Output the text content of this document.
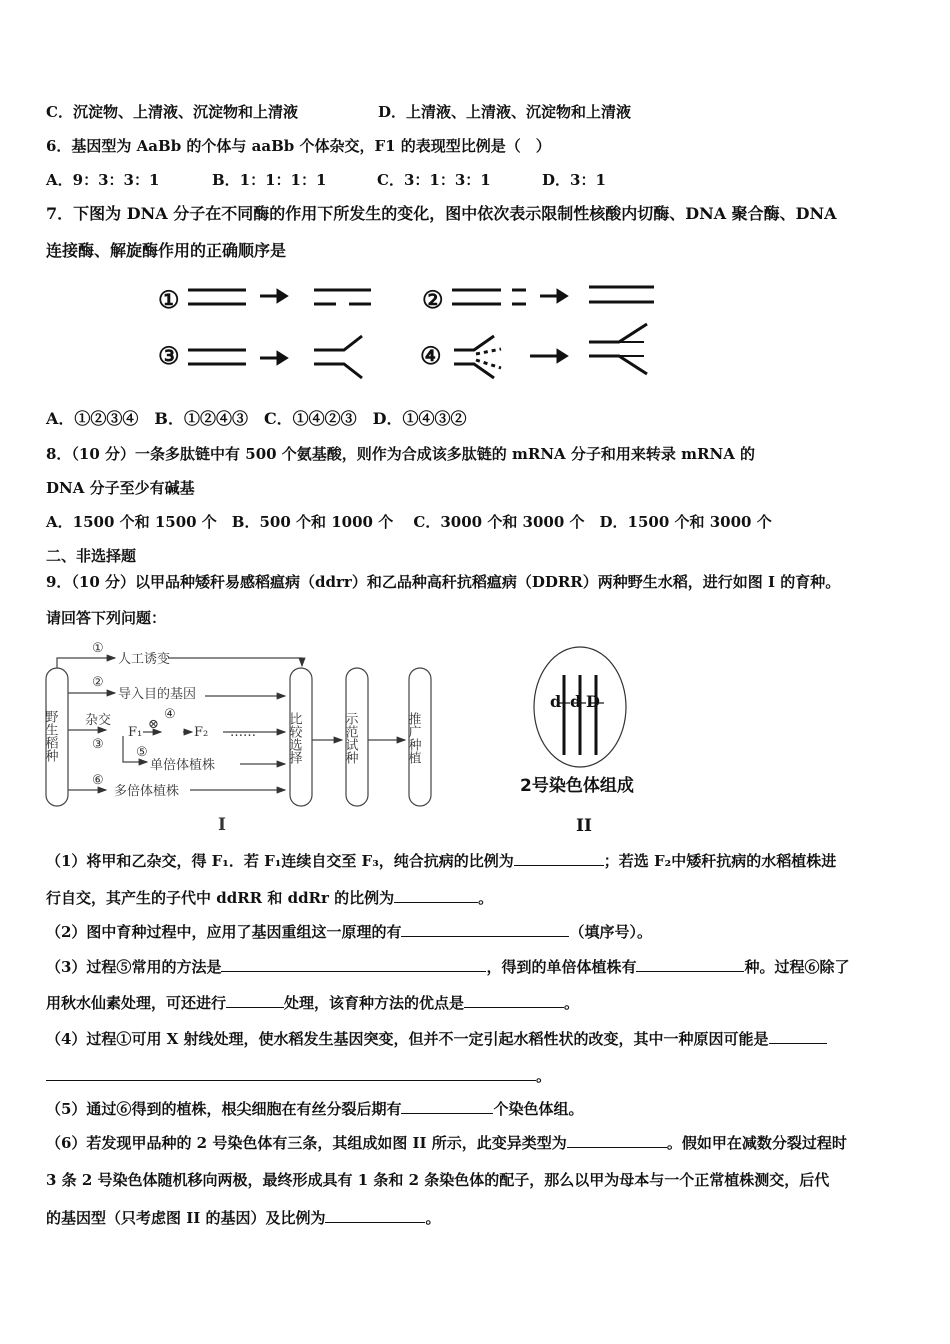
C．沉淀物、上清液、沉淀物和上清液	D．上清液、上清液、沉淀物和上清液
6．基因型为 AaBb 的个体与 aaBb 个体杂交，F1 的表现型比例是（　）
A．9：3：3：1	B．1：1：1：1	C．3：1：3：1	D．3：1
7．下图为 DNA 分子在不同酶的作用下所发生的变化，图中依次表示限制性核酸内切酶、DNA 聚合酶、DNA
连接酶、解旋酶作用的正确顺序是
①	②
③	④
A．①②③④　B．①②④③　C．①④②③　D．①④③②
8．（10 分）一条多肽链中有 500 个氨基酸，则作为合成该多肽链的 mRNA 分子和用来转录 mRNA 的
DNA 分子至少有碱基
A．1500 个和 1500 个　B．500 个和 1000 个　 C．3000 个和 3000 个　D．1500 个和 3000 个
二、非选择题
9．（10 分）以甲品种矮秆易感稻瘟病（ddrr）和乙品种高秆抗稻瘟病（DDRR）两种野生水稻，进行如图 I 的育种。
请回答下列问题：
野生稻种	比较选择	示范试种	推广种植
①
人工诱变
②
导入目的基因
杂交
③
F₁
⊗
④
F₂ ……
⑤
单倍体植株
⑥
多倍体植株
I
d d D
2号染色体组成
II
（1）将甲和乙杂交，得 F₁．若 F₁连续自交至 F₃，纯合抗病的比例为	；若选 F₂中矮秆抗病的水稻植株进
行自交，其产生的子代中 ddRR 和 ddRr 的比例为	。
（2）图中育种过程中，应用了基因重组这一原理的有	（填序号）。
（3）过程⑤常用的方法是	，得到的单倍体植株有	种。过程⑥除了
用秋水仙素处理，可还进行	处理，该育种方法的优点是	。
（4）过程①可用 X 射线处理，使水稻发生基因突变，但并不一定引起水稻性状的改变，其中一种原因可能是
。
（5）通过⑥得到的植株，根尖细胞在有丝分裂后期有	个染色体组。
（6）若发现甲品种的 2 号染色体有三条，其组成如图 II 所示，此变异类型为	。假如甲在减数分裂过程时
3 条 2 号染色体随机移向两极，最终形成具有 1 条和 2 条染色体的配子，那么以甲为母本与一个正常植株测交，后代
的基因型（只考虑图 II 的基因）及比例为	。
